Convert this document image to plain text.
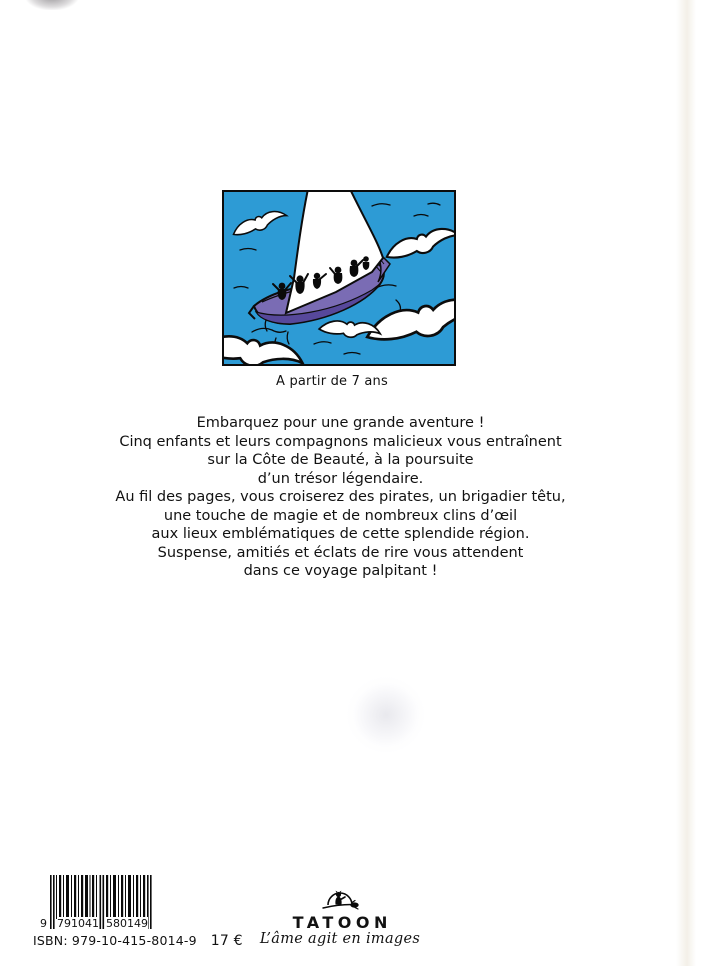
A partir de 7 ans
Embarquez pour une grande aventure !
Cinq enfants et leurs compagnons malicieux vous entraînent
sur la Côte de Beauté, à la poursuite
d’un trésor légendaire.
Au fil des pages, vous croiserez des pirates, un brigadier têtu,
une touche de magie et de nombreux clins d’œil
aux lieux emblématiques de cette splendide région.
Suspense, amitiés et éclats de rire vous attendent
dans ce voyage palpitant !
9 791041 580149
ISBN: 979-10-415-8014-9 17 €
TATOON
L’âme agit en images
